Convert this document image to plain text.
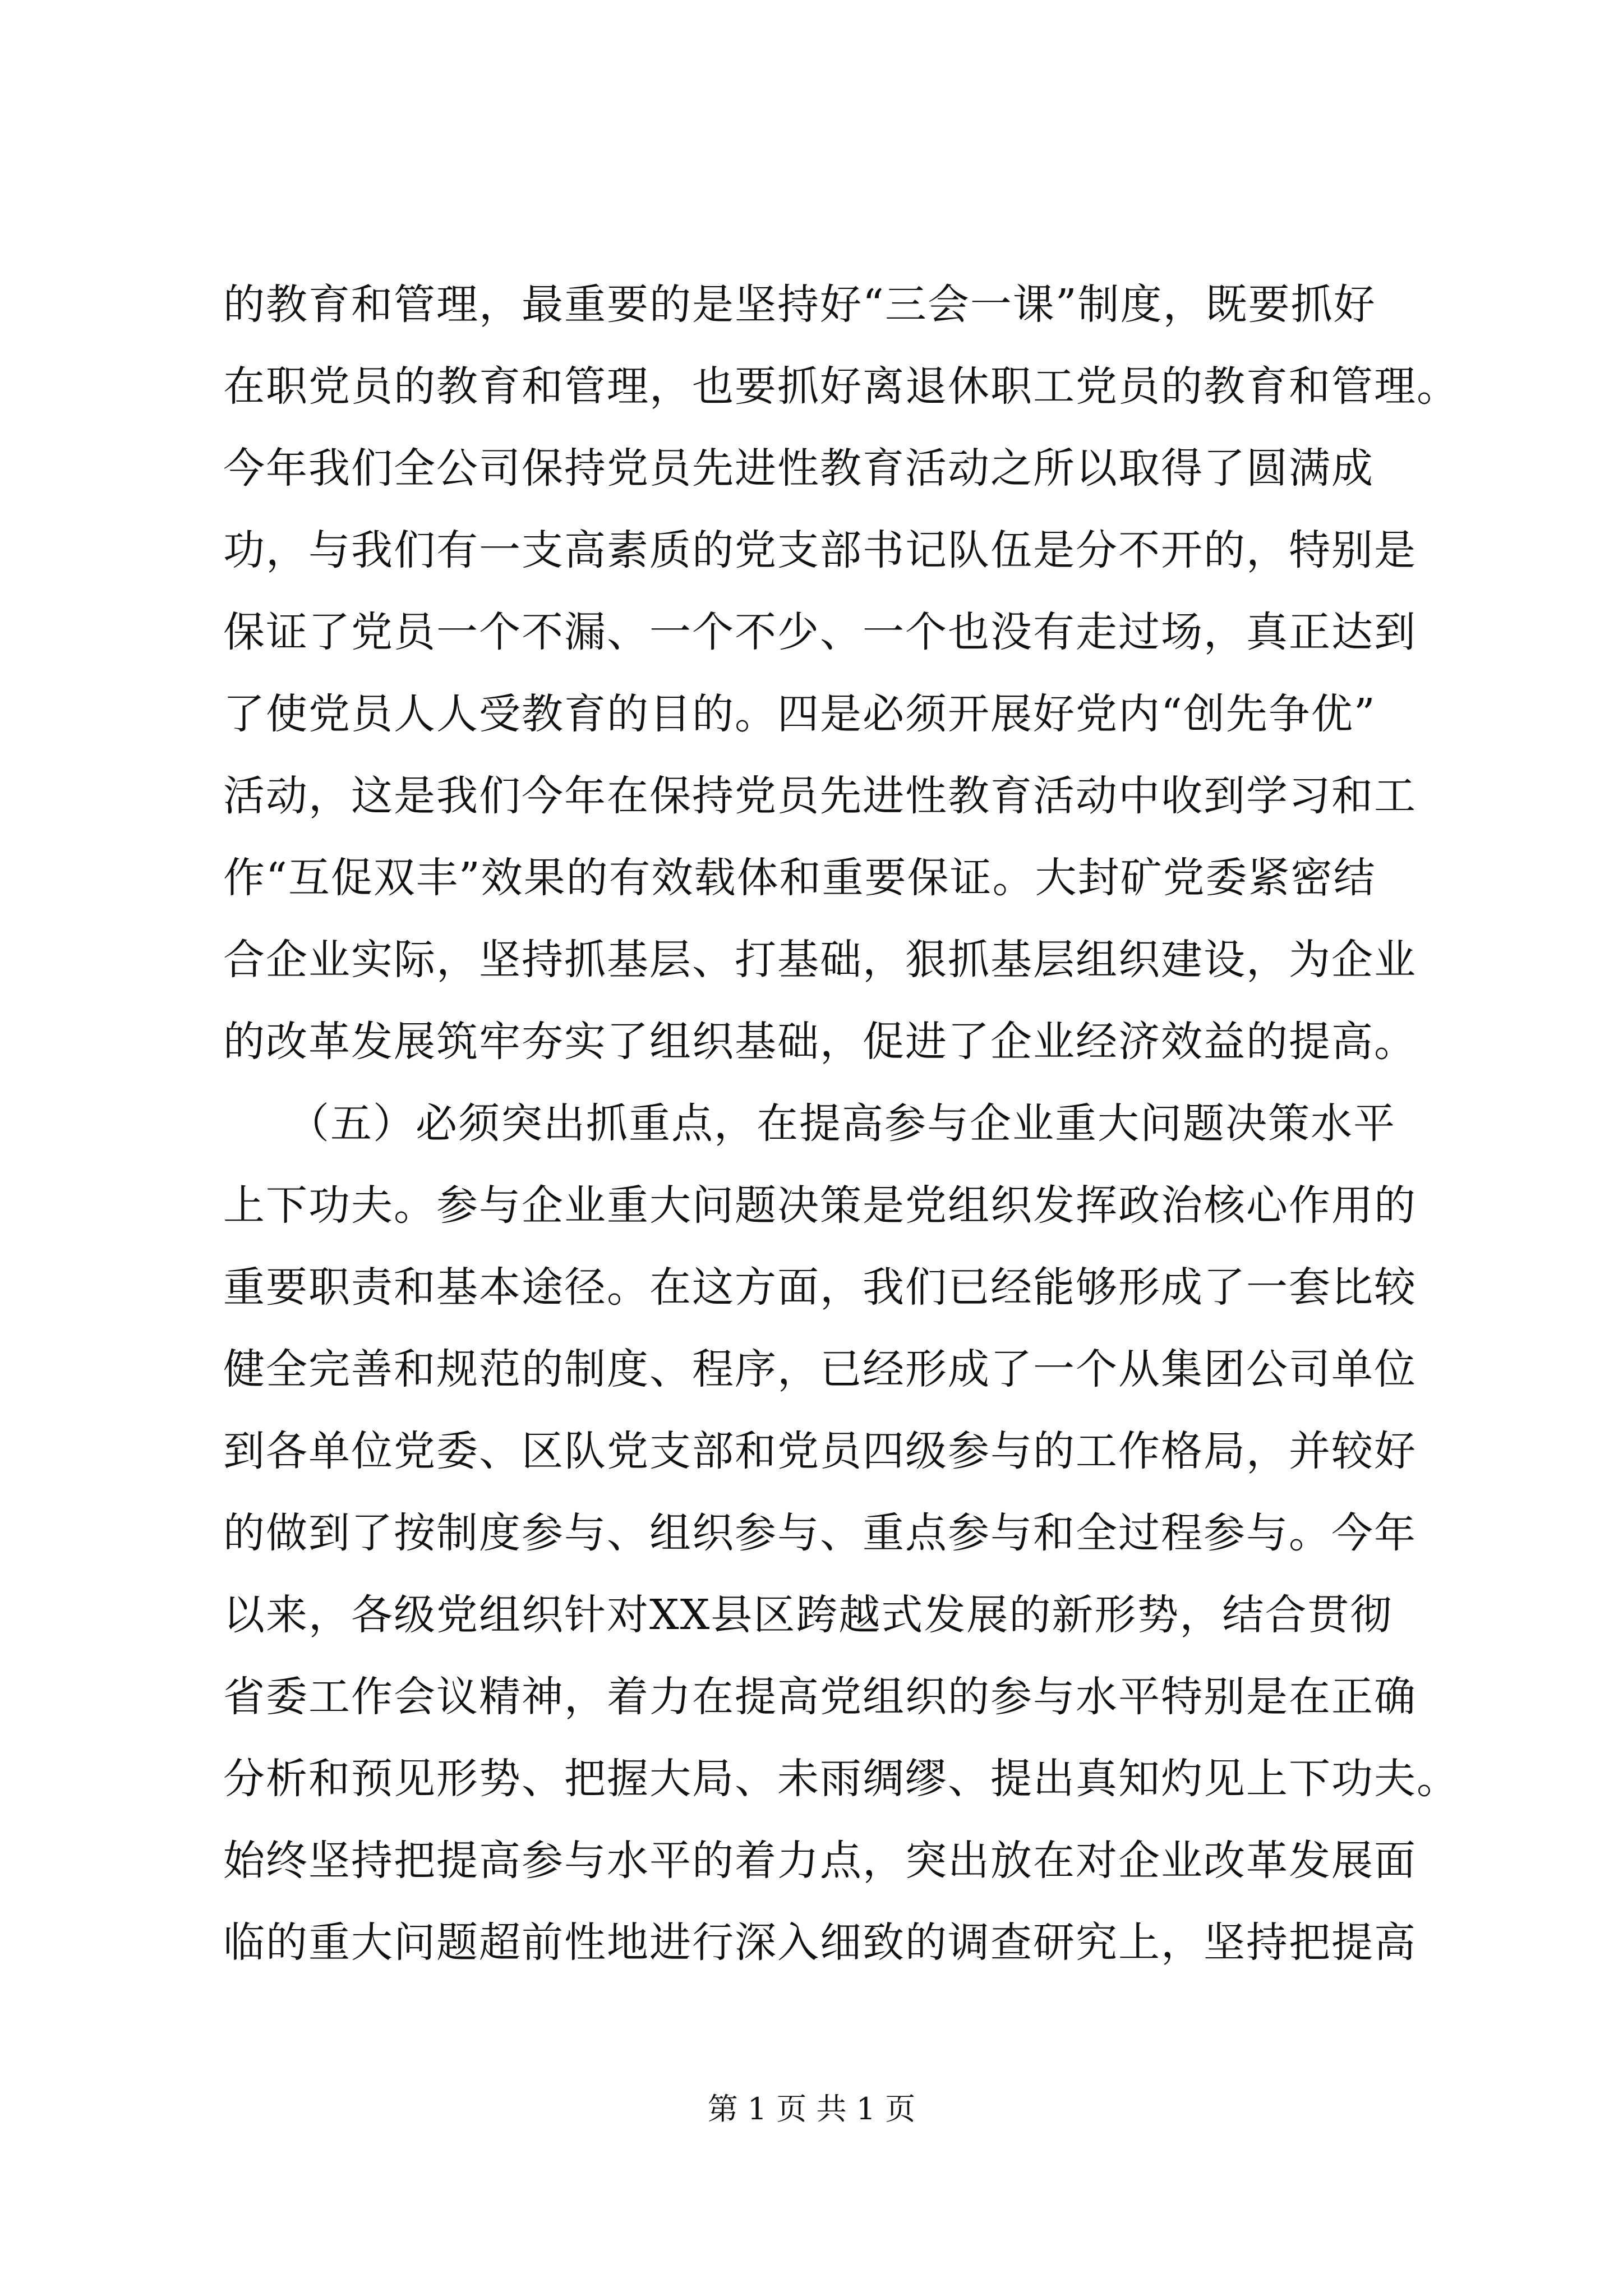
的教育和管理，最重要的是坚持好“三会一课”制度，既要抓好
在职党员的教育和管理，也要抓好离退休职工党员的教育和管理。
今年我们全公司保持党员先进性教育活动之所以取得了圆满成
功，与我们有一支高素质的党支部书记队伍是分不开的，特别是
保证了党员一个不漏、一个不少、一个也没有走过场，真正达到
了使党员人人受教育的目的。四是必须开展好党内“创先争优”
活动，这是我们今年在保持党员先进性教育活动中收到学习和工
作“互促双丰”效果的有效载体和重要保证。大封矿党委紧密结
合企业实际，坚持抓基层、打基础，狠抓基层组织建设，为企业
的改革发展筑牢夯实了组织基础，促进了企业经济效益的提高。
　　（五）必须突出抓重点，在提高参与企业重大问题决策水平
上下功夫。参与企业重大问题决策是党组织发挥政治核心作用的
重要职责和基本途径。在这方面，我们已经能够形成了一套比较
健全完善和规范的制度、程序，已经形成了一个从集团公司单位
到各单位党委、区队党支部和党员四级参与的工作格局，并较好
的做到了按制度参与、组织参与、重点参与和全过程参与。今年
以来，各级党组织针对XX县区跨越式发展的新形势，结合贯彻
省委工作会议精神，着力在提高党组织的参与水平特别是在正确
分析和预见形势、把握大局、未雨绸缪、提出真知灼见上下功夫。
始终坚持把提高参与水平的着力点，突出放在对企业改革发展面
临的重大问题超前性地进行深入细致的调查研究上，坚持把提高
第 1 页 共 1 页
